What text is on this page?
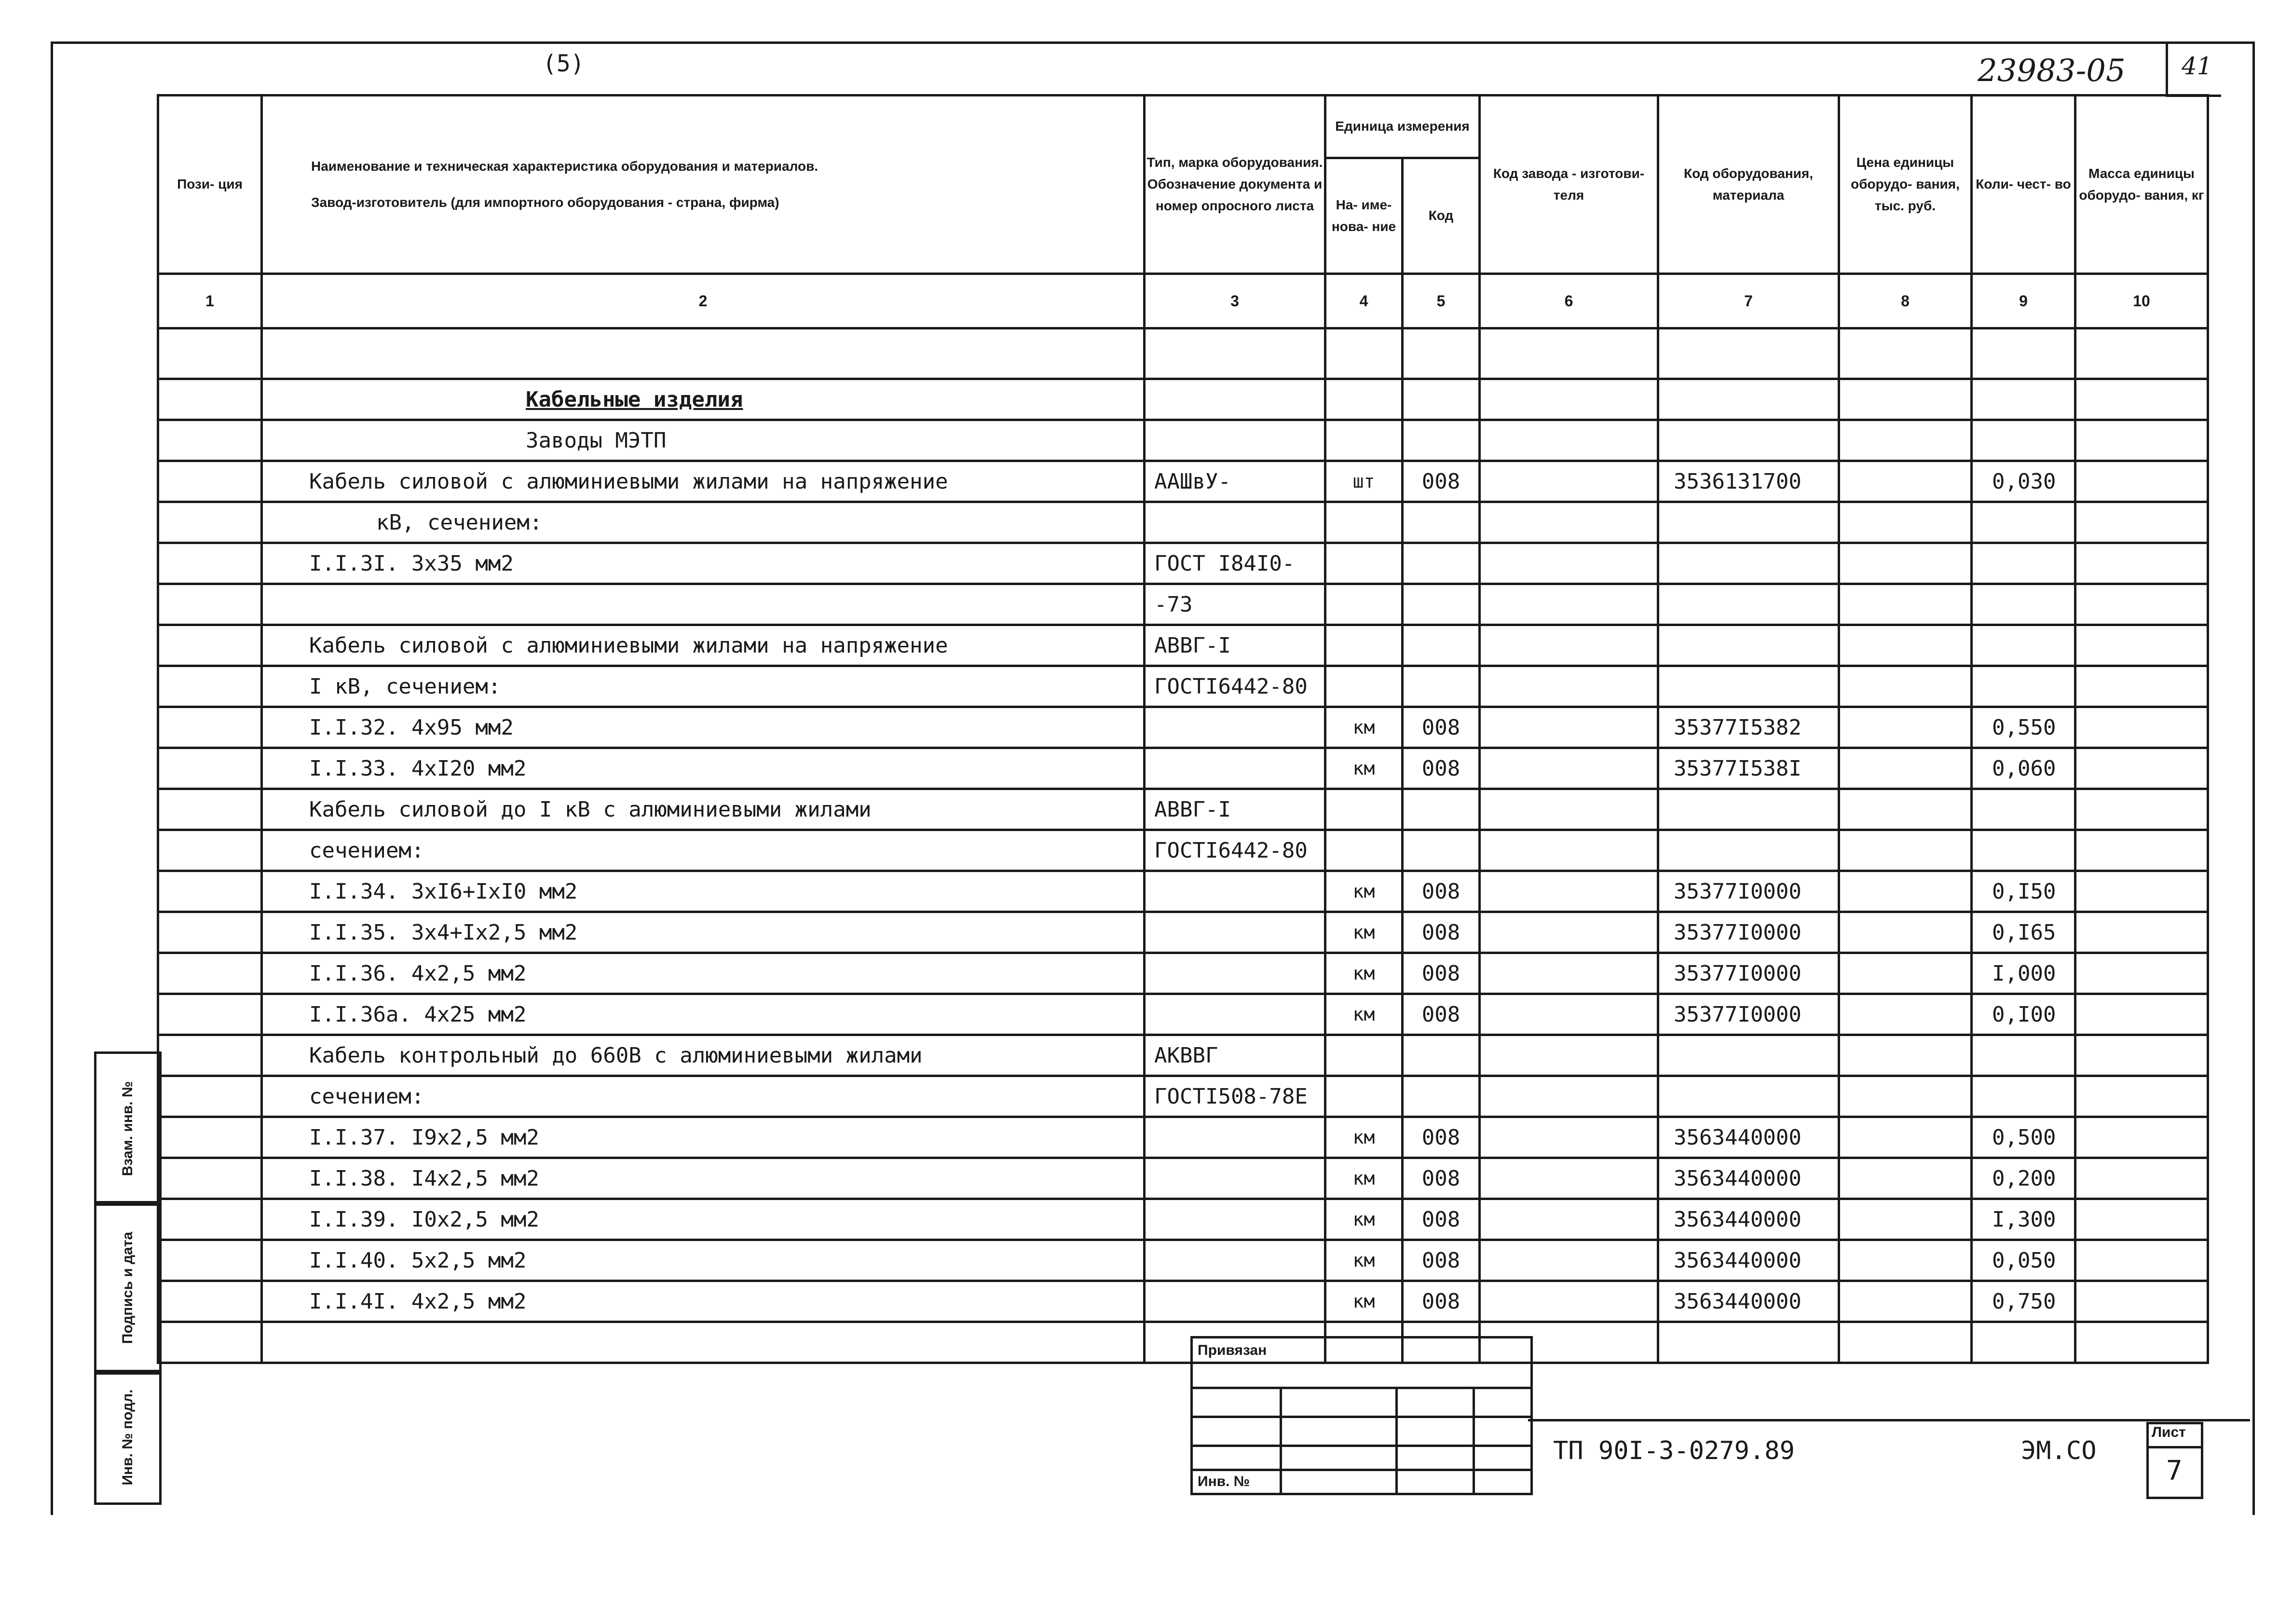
(5)	23983-05 41
Пози- ция	Наименование и техническая характеристика оборудования и материалов.
Завод-изготовитель (для импортного оборудования - страна, фирма)	Тип, марка оборудования. Обозначение документа и номер опросного листа	Единица измерения		Код завода - изготови- теля	Код оборудования, материала	Цена единицы оборудо- вания, тыс. руб.	Коли- чест- во	Масса единицы оборудо- вания, кг
			На- име- нова- ние	Код					
1	2	3	4	5	6	7	8	9	10

	Кабельные изделия								
	Заводы МЭТП								
	Кабель силовой с алюминиевыми жилами на напряжение	ААШвУ-	шт	008		3536131700		0,030	
	кВ, сечением:								
	I.I.3I. 3х35 мм2	ГОСТ I84I0-							
		-73							
	Кабель силовой с алюминиевыми жилами на напряжение	АВВГ-I							
	I кВ, сечением:	ГОСТI6442-80							
	I.I.32. 4х95 мм2		км	008		35377I5382		0,550	
	I.I.33. 4хI20 мм2		км	008		35377I538I		0,060	
	Кабель силовой до I кВ с алюминиевыми жилами	АВВГ-I							
	сечением:	ГОСТI6442-80							
	I.I.34. 3хI6+IхI0 мм2		км	008		35377I0000		0,I50	
	I.I.35. 3х4+Iх2,5 мм2		км	008		35377I0000		0,I65	
	I.I.36. 4х2,5 мм2		км	008		35377I0000		I,000	
	I.I.36а. 4х25 мм2		км	008		35377I0000		0,I00	
	Кабель контрольный до 660В с алюминиевыми жилами	АКВВГ							
	сечением:	ГОСТI508-78Е							
	I.I.37. I9х2,5 мм2		км	008		3563440000		0,500	
	I.I.38. I4х2,5 мм2		км	008		3563440000		0,200	
	I.I.39. I0х2,5 мм2		км	008		3563440000		I,300	
	I.I.40. 5х2,5 мм2		км	008		3563440000		0,050	
	I.I.4I. 4х2,5 мм2		км	008		3563440000		0,750	

Привязан
Инв. №
ТП 90I-3-0279.89	ЭМ.СО
Лист
7
Взам. инв. №
Подпись и дата
Инв. № подл.
